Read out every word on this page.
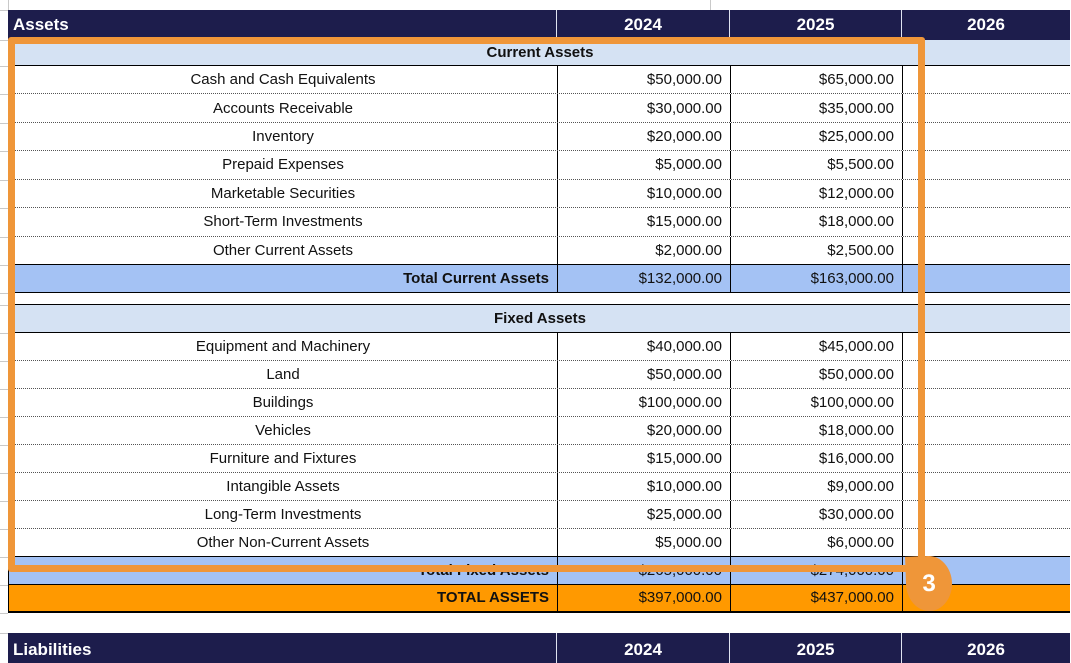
Assets	2024	2025	2026
Current Assets
Cash and Cash Equivalents	$50,000.00	$65,000.00
Accounts Receivable	$30,000.00	$35,000.00
Inventory	$20,000.00	$25,000.00
Prepaid Expenses	$5,000.00	$5,500.00
Marketable Securities	$10,000.00	$12,000.00
Short-Term Investments	$15,000.00	$18,000.00
Other Current Assets	$2,000.00	$2,500.00
Total Current Assets	$132,000.00	$163,000.00
Fixed Assets
Equipment and Machinery	$40,000.00	$45,000.00
Land	$50,000.00	$50,000.00
Buildings	$100,000.00	$100,000.00
Vehicles	$20,000.00	$18,000.00
Furniture and Fixtures	$15,000.00	$16,000.00
Intangible Assets	$10,000.00	$9,000.00
Long-Term Investments	$25,000.00	$30,000.00
Other Non-Current Assets	$5,000.00	$6,000.00
Total Fixed Assets	$265,000.00	$274,000.00
TOTAL ASSETS	$397,000.00	$437,000.00
Liabilities	2024	2025	2026
3
